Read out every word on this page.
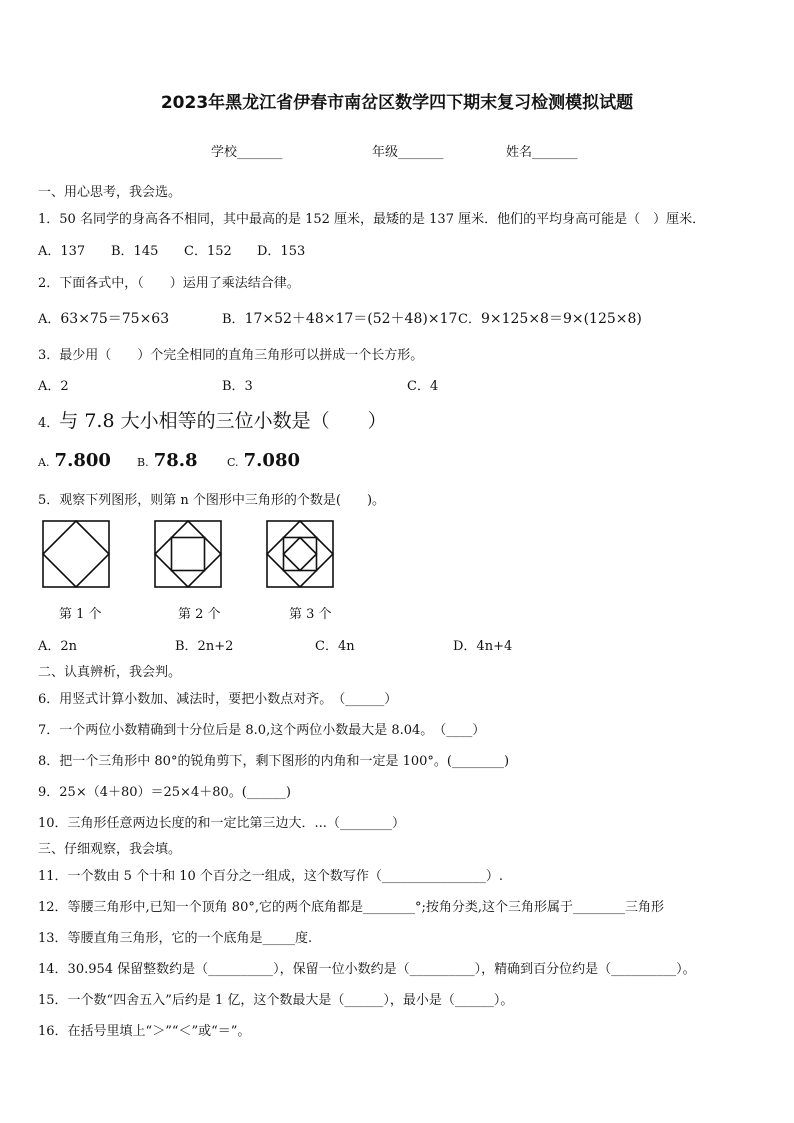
2023年黑龙江省伊春市南岔区数学四下期末复习检测模拟试题
学校_______	年级_______	姓名_______
一、用心思考，我会选。
1．50 名同学的身高各不相同，其中最高的是 152 厘米，最矮的是 137 厘米．他们的平均身高可能是（　）厘米．
A．137 B．145 C．152 D．153
2．下面各式中，（　　）运用了乘法结合律。
A．63×75＝75×63	B．17×52＋48×17＝(52＋48)×17 C．9×125×8＝9×(125×8)
3．最少用（　　）个完全相同的直角三角形可以拼成一个长方形。
A．2	B．3	C．4
4．与 7.8 大小相等的三位小数是（　　）
A. 7.800 B. 78.8	C. 7.080
5．观察下列图形，则第 n 个图形中三角形的个数是(　　)。
第 1 个	第 2 个	第 3 个
A．2n	B．2n+2	C．4n	D．4n+4
二、认真辨析，我会判。
6．用竖式计算小数加、减法时，要把小数点对齐。　（______）
7．一个两位小数精确到十分位后是 8.0,这个两位小数最大是 8.04。　（____）
8．把一个三角形中 80°的锐角剪下，剩下图形的内角和一定是 100°。(________)
9．25×（4＋80）＝25×4＋80。(______)
10．三角形任意两边长度的和一定比第三边大．...（________）
三、仔细观察，我会填。
11．一个数由 5 个十和 10 个百分之一组成，这个数写作（________________）.
12．等腰三角形中,已知一个顶角 80°,它的两个底角都是________°;按角分类,这个三角形属于________三角形
13．等腰直角三角形，它的一个底角是_____度.
14．30.954 保留整数约是（__________），保留一位小数约是（__________），精确到百分位约是（__________）。
15．一个数“四舍五入”后约是 1 亿，这个数最大是（______），最小是（______）。
16．在括号里填上“＞”“＜”或“＝”。
